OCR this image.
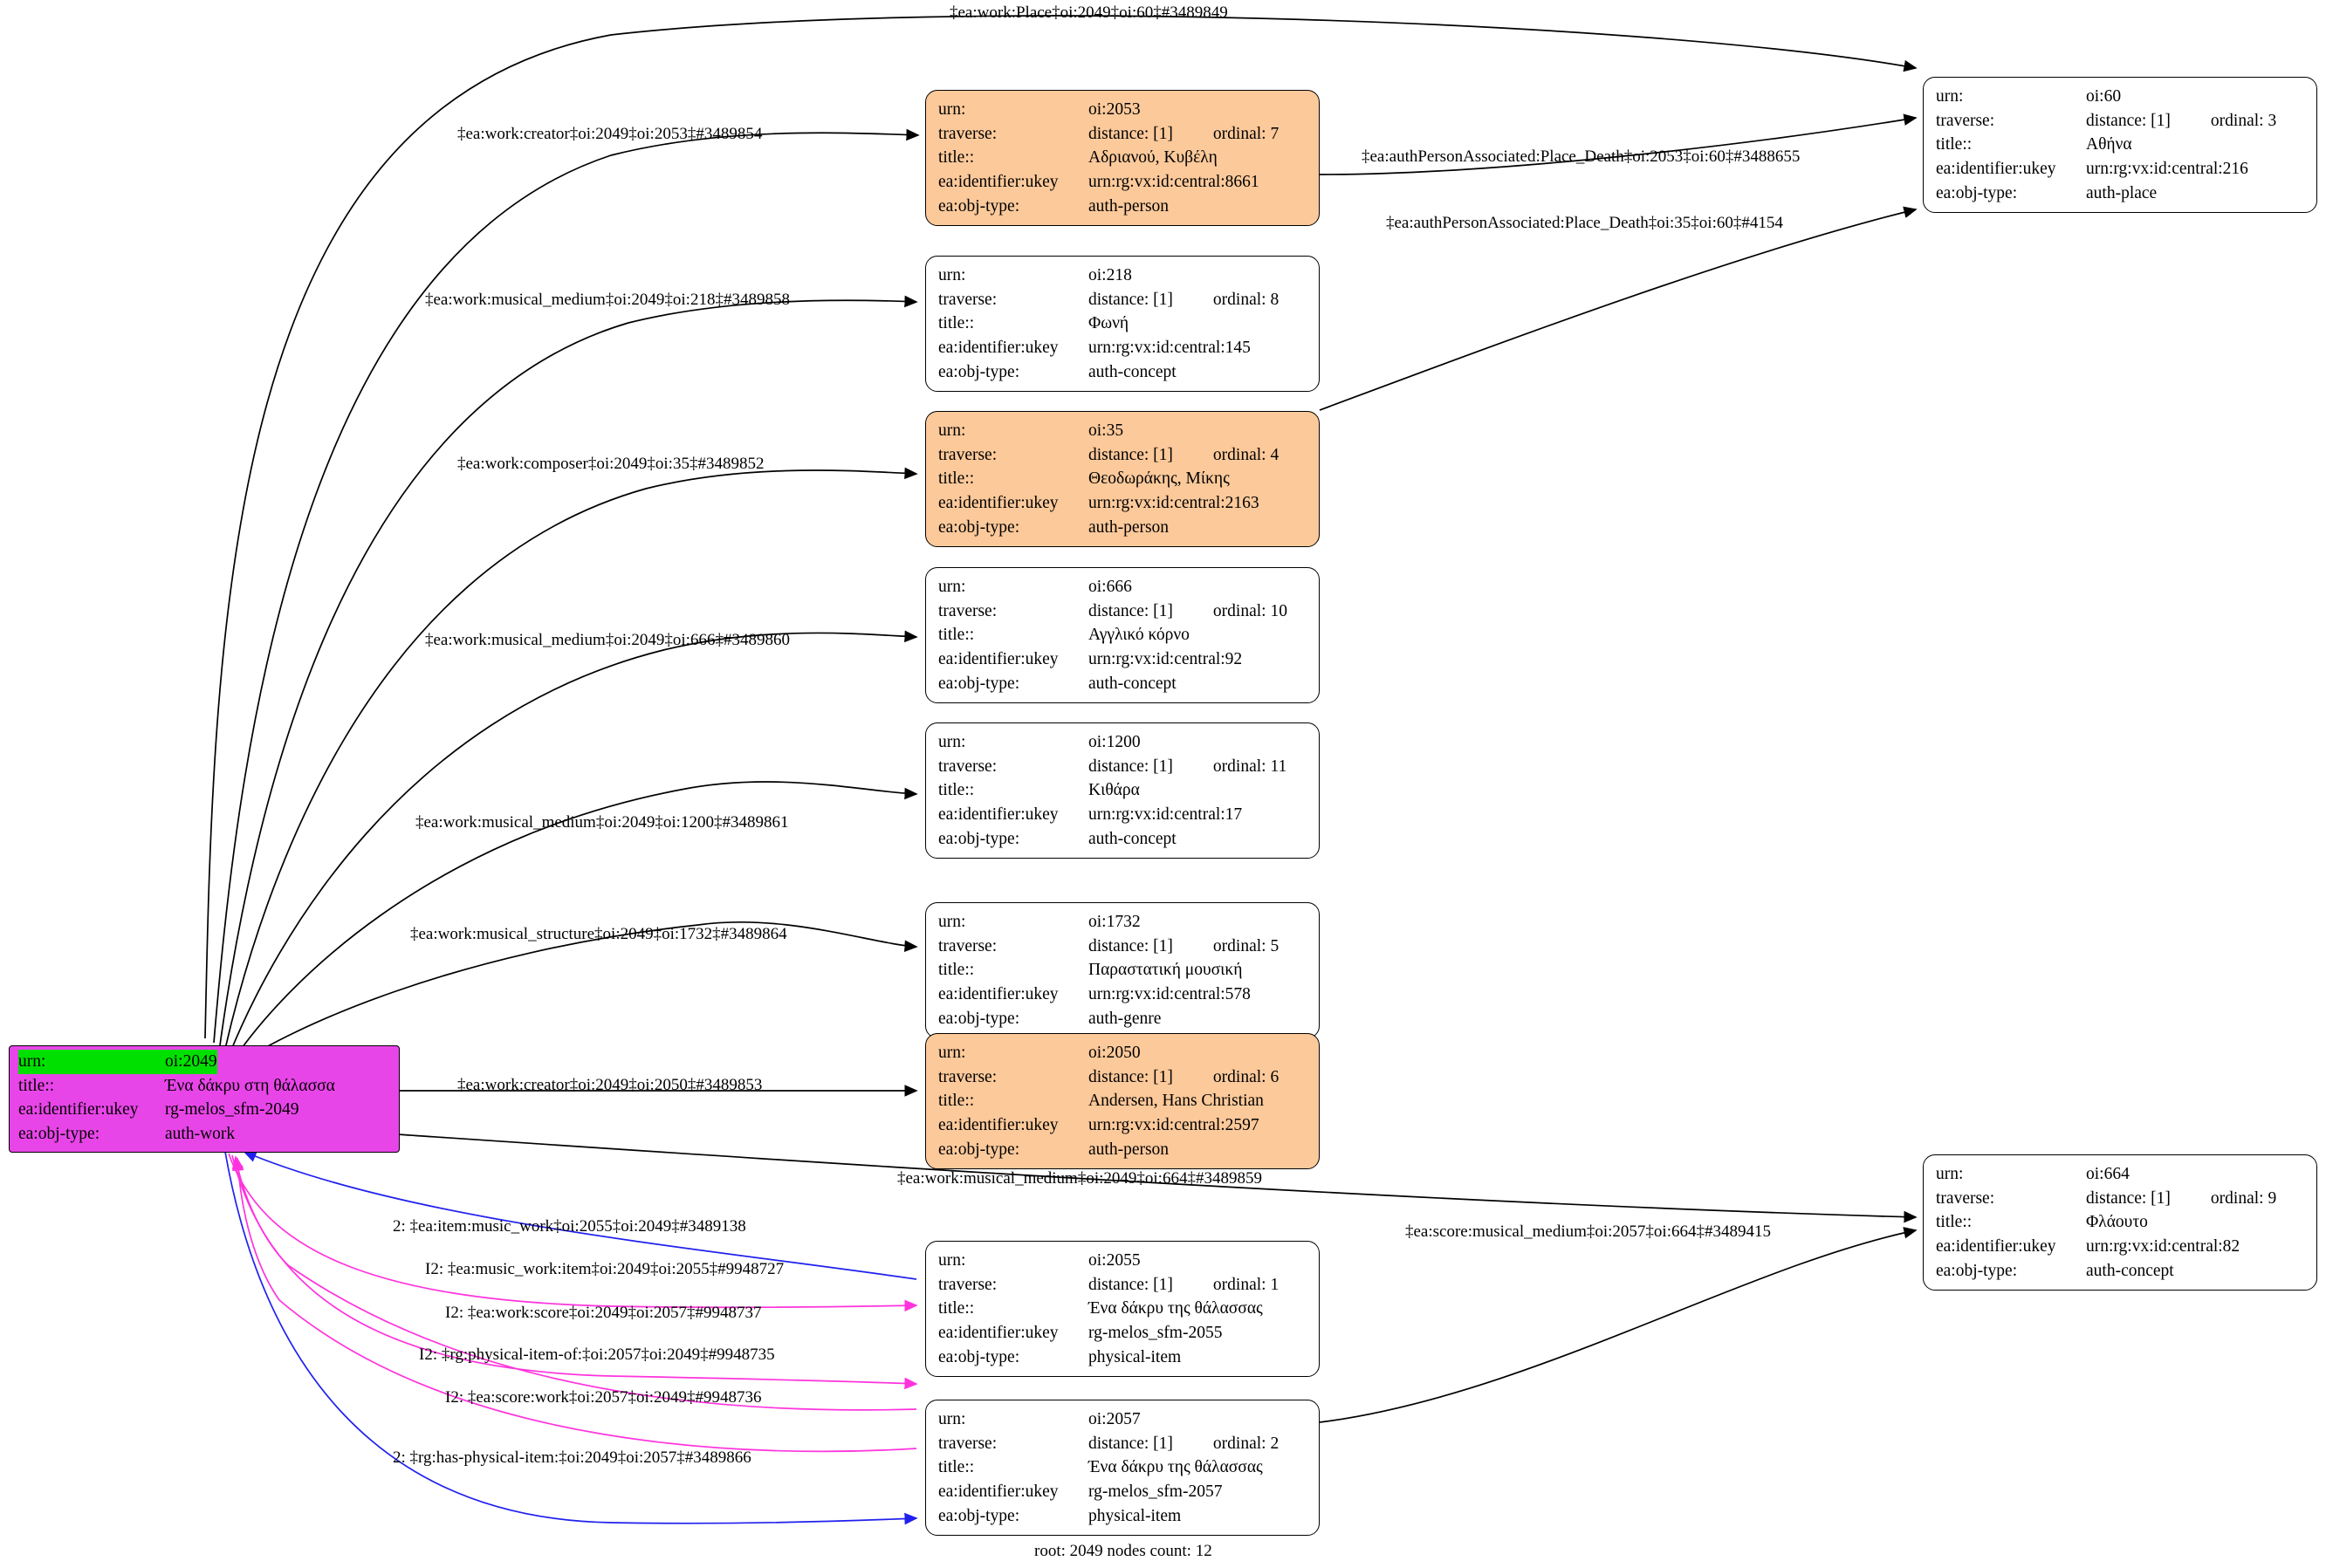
urn:	oi:2049
title::	Ένα δάκρυ στη θάλασσα
ea:identifier:ukey	rg-melos_sfm-2049
ea:obj-type:	auth-work
urn:	oi:2053
traverse:	distance: [1] ordinal: 7
title::	Αδριανού, Κυβέλη
ea:identifier:ukey	urn:rg:vx:id:central:8661
ea:obj-type:	auth-person
urn:	oi:218
traverse:	distance: [1] ordinal: 8
title::	Φωνή
ea:identifier:ukey	urn:rg:vx:id:central:145
ea:obj-type:	auth-concept
urn:	oi:35
traverse:	distance: [1] ordinal: 4
title::	Θεοδωράκης, Μίκης
ea:identifier:ukey	urn:rg:vx:id:central:2163
ea:obj-type:	auth-person
urn:	oi:666
traverse:	distance: [1] ordinal: 10
title::	Αγγλικό κόρνο
ea:identifier:ukey	urn:rg:vx:id:central:92
ea:obj-type:	auth-concept
urn:	oi:1200
traverse:	distance: [1] ordinal: 11
title::	Κιθάρα
ea:identifier:ukey	urn:rg:vx:id:central:17
ea:obj-type:	auth-concept
urn:	oi:1732
traverse:	distance: [1] ordinal: 5
title::	Παραστατική μουσική
ea:identifier:ukey	urn:rg:vx:id:central:578
ea:obj-type:	auth-genre
urn:	oi:2050
traverse:	distance: [1] ordinal: 6
title::	Andersen, Hans Christian
ea:identifier:ukey	urn:rg:vx:id:central:2597
ea:obj-type:	auth-person
urn:	oi:2055
traverse:	distance: [1] ordinal: 1
title::	Ένα δάκρυ της θάλασσας
ea:identifier:ukey	rg-melos_sfm-2055
ea:obj-type:	physical-item
urn:	oi:2057
traverse:	distance: [1] ordinal: 2
title::	Ένα δάκρυ της θάλασσας
ea:identifier:ukey	rg-melos_sfm-2057
ea:obj-type:	physical-item
urn:	oi:60
traverse:	distance: [1] ordinal: 3
title::	Αθήνα
ea:identifier:ukey	urn:rg:vx:id:central:216
ea:obj-type:	auth-place
urn:	oi:664
traverse:	distance: [1] ordinal: 9
title::	Φλάουτο
ea:identifier:ukey	urn:rg:vx:id:central:82
ea:obj-type:	auth-concept
‡ea:work:Place‡oi:2049‡oi:60‡#3489849
‡ea:work:creator‡oi:2049‡oi:2053‡#3489854
‡ea:work:musical_medium‡oi:2049‡oi:218‡#3489858
‡ea:work:composer‡oi:2049‡oi:35‡#3489852
‡ea:work:musical_medium‡oi:2049‡oi:666‡#3489860
‡ea:work:musical_medium‡oi:2049‡oi:1200‡#3489861
‡ea:work:musical_structure‡oi:2049‡oi:1732‡#3489864
‡ea:work:creator‡oi:2049‡oi:2050‡#3489853
‡ea:work:musical_medium‡oi:2049‡oi:664‡#3489859
2: ‡ea:item:music_work‡oi:2055‡oi:2049‡#3489138
I2: ‡ea:music_work:item‡oi:2049‡oi:2055‡#9948727
I2: ‡ea:work:score‡oi:2049‡oi:2057‡#9948737
I2: ‡rg:physical-item-of:‡oi:2057‡oi:2049‡#9948735
I2: ‡ea:score:work‡oi:2057‡oi:2049‡#9948736
2: ‡rg:has-physical-item:‡oi:2049‡oi:2057‡#3489866
‡ea:authPersonAssociated:Place_Death‡oi:2053‡oi:60‡#3488655
‡ea:authPersonAssociated:Place_Death‡oi:35‡oi:60‡#4154
‡ea:score:musical_medium‡oi:2057‡oi:664‡#3489415
root: 2049 nodes count: 12
